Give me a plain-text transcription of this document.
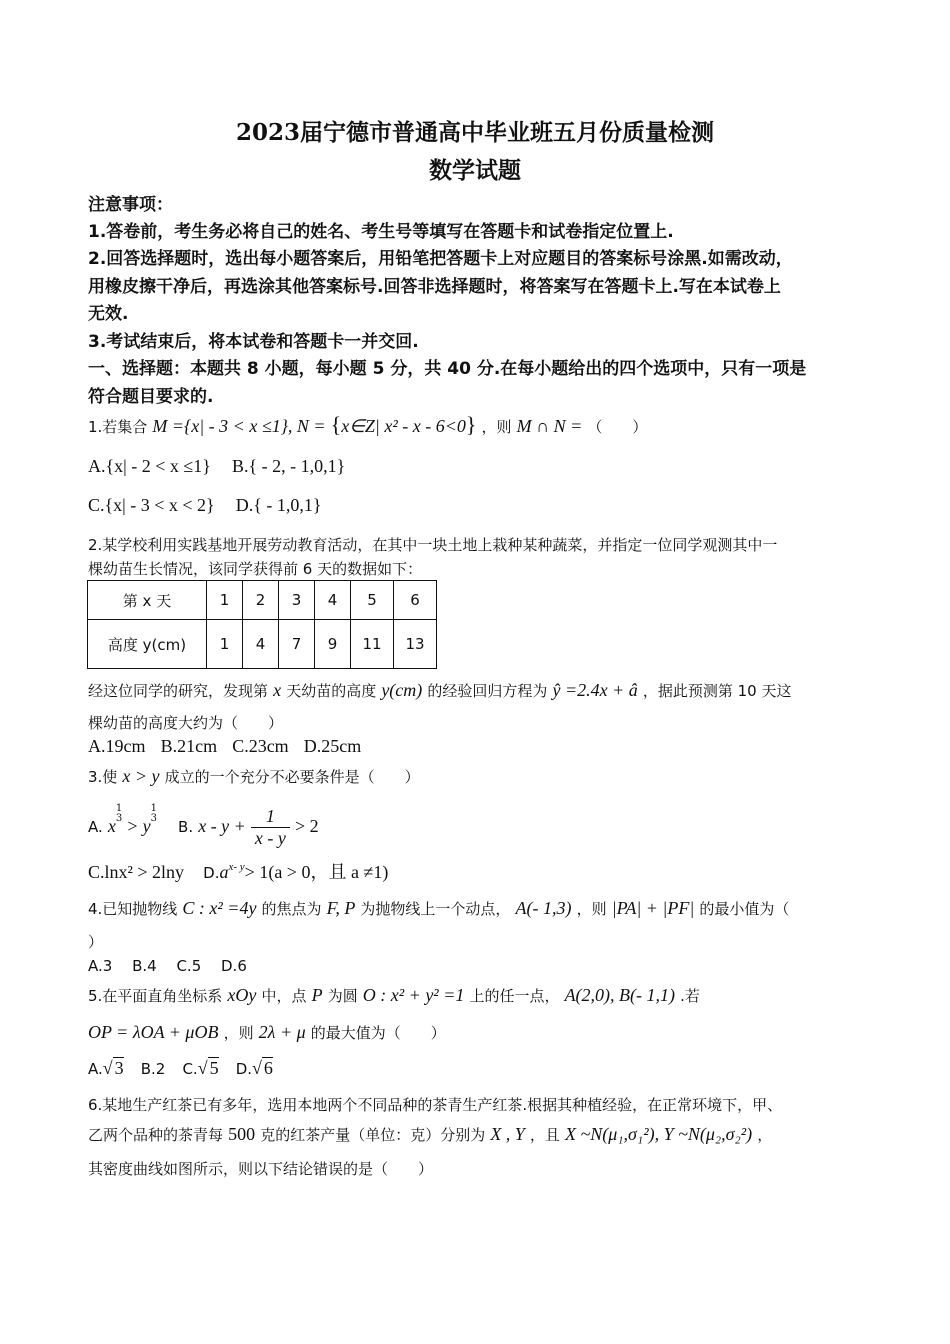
2023届宁德市普通高中毕业班五月份质量检测
数学试题
注意事项：
1.答卷前，考生务必将自己的姓名、考生号等填写在答题卡和试卷指定位置上.
2.回答选择题时，选出每小题答案后，用铅笔把答题卡上对应题目的答案标号涂黑.如需改动，
用橡皮擦干净后，再选涂其他答案标号.回答非选择题时，将答案写在答题卡上.写在本试卷上
无效.
3.考试结束后，将本试卷和答题卡一并交回.
一、选择题：本题共 8 小题，每小题 5 分，共 40 分.在每小题给出的四个选项中，只有一项是
符合题目要求的.
1.若集合 M ={x| - 3 < x ≤1}, N = {x∈Z| x² - x - 6<0} ，则 M ∩ N = （　　）
A.{x| - 2 < x ≤1} B.{ - 2, - 1,0,1}
C.{x| - 3 < x < 2} D.{ - 1,0,1}
2.某学校利用实践基地开展劳动教育活动，在其中一块土地上栽种某种蔬菜，并指定一位同学观测其中一
棵幼苗生长情况，该同学获得前 6 天的数据如下：
第 x 天	1	2	3	4	5	6
高度 y(cm)	1	4	7	9	11	13
经这位同学的研究，发现第 x 天幼苗的高度 y(cm) 的经验回归方程为 ŷ =2.4x + â ，据此预测第 10 天这
棵幼苗的高度大约为（　　）
A.19cm B.21cm C.23cm D.25cm
3.使 x > y 成立的一个充分不必要条件是（　　）
A. x
1
3 > y
1
3 B. $x - y + \frac{1}{x - y} > 2$
C.lnx² > 2lny $D.a^{x- y}> 1(a > 0$，且 a ≠1)
4.已知抛物线 C : x² =4y 的焦点为 F, P 为抛物线上一个动点， A(- 1,3) ，则 |PA| + |PF| 的最小值为（
）
A.3　 B.4　 C.5　 D.6
5.在平面直角坐标系 xOy 中，点 P 为圆 O : x² + y² =1 上的任一点， A(2,0), B(- 1,1) .若
OP = λOA + μOB ，则 2λ + μ 的最大值为（　　）
A.√ 3 B.2 C.√ 5 D.√ 6
6.某地生产红茶已有多年，选用本地两个不同品种的茶青生产红茶.根据其种植经验，在正常环境下，甲、
乙两个品种的茶青每 500 克的红茶产量（单位：克）分别为 X , Y ，且 X ~N(μ₁,σ₁²), Y ~N(μ₂,σ₂²) ，
其密度曲线如图所示，则以下结论错误的是（　　）
